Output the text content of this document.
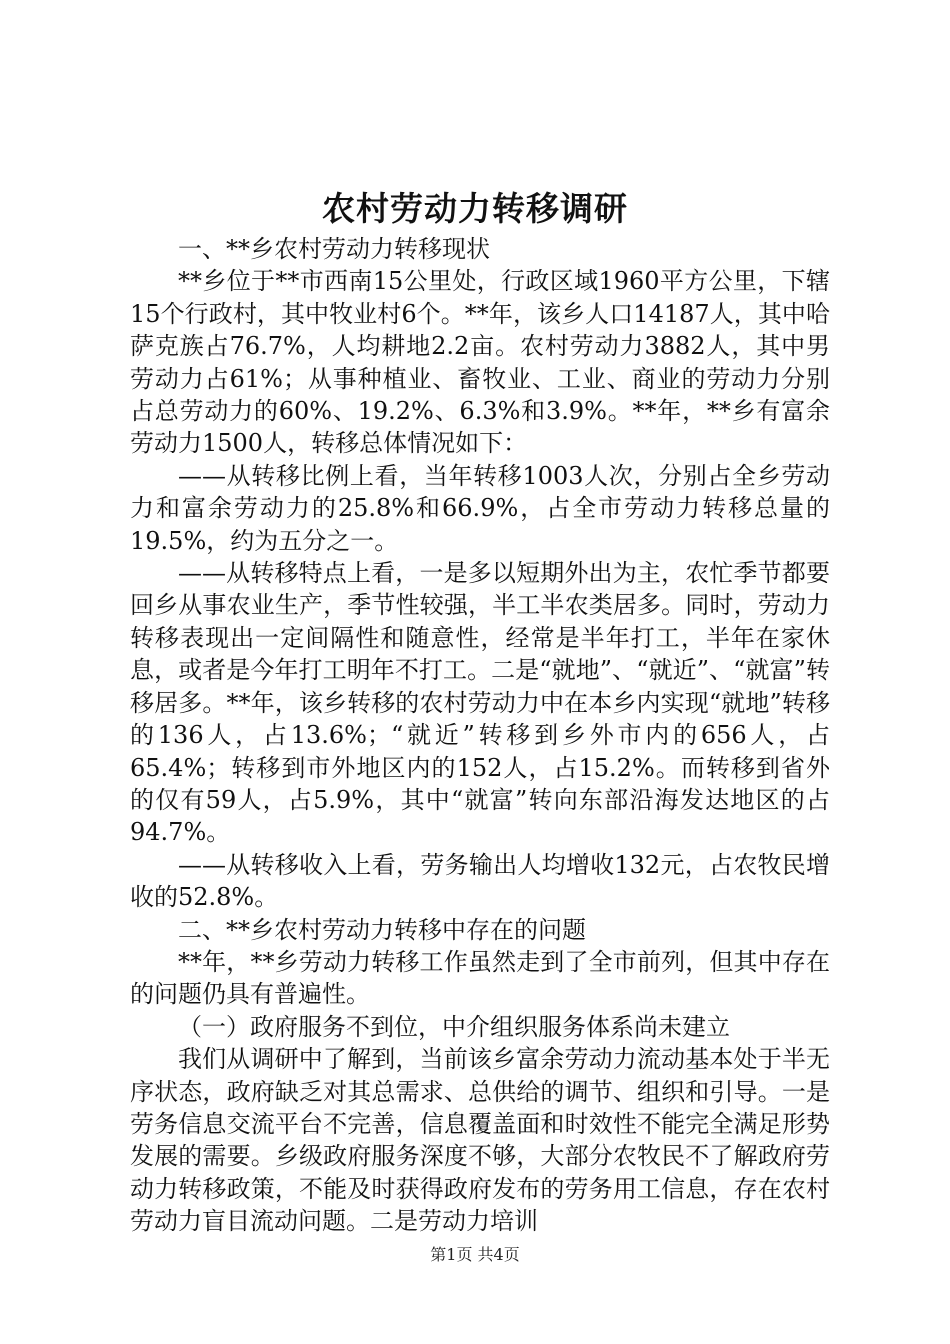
农村劳动力转移调研

一、**乡农村劳动力转移现状

**乡位于**市西南15公里处，行政区域1960平方公里，下辖15个行政村，其中牧业村6个。**年，该乡人口14187人，其中哈萨克族占76.7%，人均耕地2.2亩。农村劳动力3882人，其中男劳动力占61%；从事种植业、畜牧业、工业、商业的劳动力分别占总劳动力的60%、19.2%、6.3%和3.9%。**年，**乡有富余劳动力1500人，转移总体情况如下：

——从转移比例上看，当年转移1003人次，分别占全乡劳动力和富余劳动力的25.8%和66.9%，占全市劳动力转移总量的19.5%，约为五分之一。

——从转移特点上看，一是多以短期外出为主，农忙季节都要回乡从事农业生产，季节性较强，半工半农类居多。同时，劳动力转移表现出一定间隔性和随意性，经常是半年打工，半年在家休息，或者是今年打工明年不打工。二是“就地”、“就近”、“就富”转移居多。**年，该乡转移的农村劳动力中在本乡内实现“就地”转移的136人，占13.6%；“就近”转移到乡外市内的656人，占65.4%；转移到市外地区内的152人，占15.2%。而转移到省外的仅有59人，占5.9%，其中“就富”转向东部沿海发达地区的占94.7%。

——从转移收入上看，劳务输出人均增收132元，占农牧民增收的52.8%。

二、**乡农村劳动力转移中存在的问题

**年，**乡劳动力转移工作虽然走到了全市前列，但其中存在的问题仍具有普遍性。

（一）政府服务不到位，中介组织服务体系尚未建立

我们从调研中了解到，当前该乡富余劳动力流动基本处于半无序状态，政府缺乏对其总需求、总供给的调节、组织和引导。一是劳务信息交流平台不完善，信息覆盖面和时效性不能完全满足形势发展的需要。乡级政府服务深度不够，大部分农牧民不了解政府劳动力转移政策，不能及时获得政府发布的劳务用工信息，存在农村劳动力盲目流动问题。二是劳动力培训

第1页 共4页
